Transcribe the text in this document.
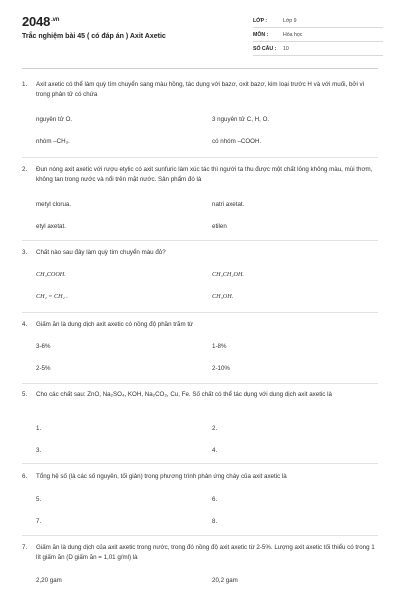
$2048^{.vn}$
Trắc nghiệm bài 45 ( có đáp án ) Axit Axetic
LỚP :	Lớp 9
MÔN :	Hóa học
SỐ CÂU :	10
1. Axit axetic có thể làm quỳ tím chuyển sang màu hồng, tác dụng với bazơ, oxit bazơ, kim loại trước H và với muối, bởi vì trong phân tử có chứa
nguyên tử O.	3 nguyên tử C, H, O.
nhóm –CH₃.	có nhóm –COOH.
2. Đun nóng axit axetic với rượu etylic có axit sunfuric làm xúc tác thì người ta thu được một chất lỏng không màu, mùi thơm, không tan trong nước và nổi trên mặt nước. Sản phẩm đó là
metyl clorua.	natri axetat.
etyl axetat.	etilen
3. Chất nào sau đây làm quỳ tím chuyển màu đỏ?
CH₃COOH.	CH₃CH₂OH.
CH₂ = CH₂ .	CH₃OH.
4. Giấm ăn là dung dịch axit axetic có nồng độ phần trăm từ
3-6%	1-8%
2-5%	2-10%
5. Cho các chất sau: ZnO, Na₂SO₄, KOH, Na₂CO₃, Cu, Fe. Số chất có thể tác dụng với dung dịch axit axetic là
1.	2.
3.	4.
6. Tổng hệ số (là các số nguyên, tối giản) trong phương trình phản ứng cháy của axit axetic là
5.	6.
7.	8.
7. Giấm ăn là dung dịch của axit axetic trong nước, trong đó nồng độ axit axetic từ 2-5%. Lượng axit axetic tối thiểu có trong 1 lít giấm ăn (D giấm ăn = 1,01 g/ml) là
2,20 gam	20,2 gam
